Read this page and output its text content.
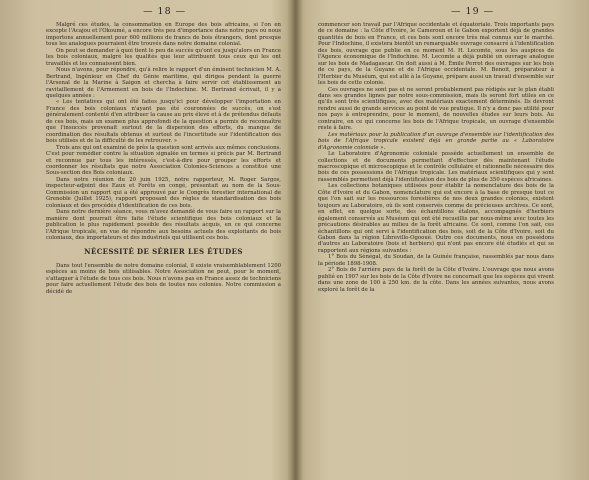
— 18 —

Malgré ces études, la consommation en Europe des bois africains, si l'on en excepte l'Acajou et l'Okoumé, a encore très peu d'importance dans notre pays où nous importons annuellement pour 600 millions de francs de bois étrangers, dont presque tous les analogues pourraient être trouvés dans notre domaine colonial.

On peut se demander à quoi tient le peu de succès qu'ont eu jusqu'alors en France les bois coloniaux, malgré les qualités que leur attribuent tous ceux qui les ont travaillés et les connaissent bien.

Nous n'avons, pour répondre, qu'à relire le rapport d'un éminent technicien M. A. Bertrand, Ingénieur en Chef du Génie maritime, qui dirigea pendant la guerre l'Arsenal de la Marine à Saigon et chercha à faire servir cet établissement au ravitaillement de l'Armement en bois de l'Indochine. M. Bertrand écrivait, il y a quelques années :

« Les tentatives qui ont été faites jusqu'ici pour développer l'importation en France des bois coloniaux n'ayant pas été couronnées de succès, on s'est généralement contenté d'en attribuer la cause au prix élevé et à de prétendus défauts de ces bois, mais un examen plus approfondi de la question a permis de reconnaître que l'insuccès provenait surtout de la dispersion des efforts, du manque de coordination des résultats obtenus et surtout de l'incertitude sur l'identification des bois utilisés et de la difficulté de les retrouver. »

Trois ans qui ont examiné de près la question sont arrivés aux mêmes conclusions. C'est pour remédier contre la situation signalée en termes si précis par M. Bertrand et reconnue par tous les intéressés, c'est-à-dire pour grouper les efforts et coordonner les résultats que notre Association Colonies-Sciences a constitué une Sous-section des Bois coloniaux.

Dans notre réunion du 20 juin 1925, notre rapporteur, M. Roger Sargos, inspecteur-adjoint des Eaux et Forêts en congé, présentait au nom de la Sous-Commission un rapport qui a été approuvé par le Congrès forestier international de Grenoble (Juillet 1925), rapport proposant des règles de standardisation des bois coloniaux et des procédés d'identification de ces bois.

Dans notre dernière séance, vous m'avez demandé de vous faire un rapport sur la manière dont pourrait être faite l'étude scientifique des bois coloniaux et la publication le plus rapidement possible des résultats acquis, en ce qui concerne l'Afrique tropicale, en vue de répondre aux besoins actuels des exploitants de bois coloniaux, des importateurs et des industriels qui utilisent ces bois.

NÉCESSITÉ DE SÉRIER LES ÉTUDES

Dans tout l'ensemble de notre domaine colonial, il existe vraisemblablement 1200 espèces au moins de bois utilisables. Notre Association ne peut, pour le moment, s'attaquer à l'étude de tous ces bois. Nous n'avons pas en France assez de techniciens pour faire actuellement l'étude des bois de toutes nos colonies. Notre commission a décidé de

— 19 —

commencer son travail par l'Afrique occidentale et équatoriale. Trois importants pays de ce domaine : la Côte d'Ivoire, le Cameroun et le Gabon exportent déjà de grandes quantités de bois en France, et ces bois sont encore très mal connus sur le marché. Pour l'Indochine, il existera bientôt un remarquable ouvrage consacré à l'identification des bois, ouvrage que publie en ce moment M. H. Lecomte, sous les auspices de l'Agence économique de l'Indochine. M. Lecomte a déjà publié un ouvrage analogue sur les bois de Madagascar. On doit aussi à M. Émile Perrot des ouvrages sur les bois de ce pays, de la Guyane et de l'Afrique occidentale. M. Benoit, préparateur à l'Herbier du Muséum, qui est allé à la Guyane, prépare aussi un travail d'ensemble sur les bois de cette colonie.

Ces ouvrages ne sont pas et ne seront probablement pas rédigés sur le plan établi dans ses grandes lignes par notre sous-commission, mais ils seront fort utiles en ce qu'ils sont très scientifiques, avec des matériaux exactement déterminés. Ils devront rendre aussi de grands services au point de vue pratique. Il n'y a donc pas utilité pour nos pays à entreprendre, pour le moment, de nouvelles études sur leurs bois. Au contraire, en ce qui concerne les bois de l'Afrique tropicale, un ouvrage d'ensemble reste à faire.

Les matériaux pour la publication d'un ouvrage d'ensemble sur l'identification des bois de l'Afrique tropicale existent déjà en grande partie au « Laboratoire d'Agronomie coloniale ».

Le Laboratoire d'Agronomie coloniale possède actuellement un ensemble de collections et de documents permettant d'effectuer dès maintenant l'étude macroscopique et microscopique et le contrôle cellulaire et rationnelle nécessaire des bois de ces possessions de l'Afrique tropicale. Les matériaux scientifiques qui y sont rassemblés permettent déjà l'identification des bois de plus de 350 espèces africaines.

Les collections botaniques utilisées pour établir la nomenclature des bois de la Côte d'Ivoire et du Gabon, nomenclature qui est encore à la base de presque tout ce que l'on sait sur les ressources forestières de nos deux grandes colonies, existent toujours au Laboratoire, où ils sont conservés comme de précieuses archives. Ce sont, en effet, en quelque sorte, des échantillons étalons, accompagnés d'herbiers également conservés au Muséum qui ont été recueillis par nous-même avec toutes les précautions désirables au milieu de la forêt africaine. Ce sont, comme l'on sait, ces échantillons qui ont servi à l'identification des bois, soit de la Côte d'Ivoire, soit du Gabon dans la région Libreville-Ogooué. Outre ces documents, nous en possédons d'autres au Laboratoire (bois et herbiers) qui n'ont pas encore été étudiés et qui se rapportent aux régions suivantes :

1° Bois du Sénégal, du Soudan, de la Guinée française, rassemblés par nous dans la période 1898-1908.

2° Bois de l'arrière pays de la forêt de la Côte d'Ivoire. L'ouvrage que nous avons publié en 1907 sur les bois de la Côte d'Ivoire ne concernait que les espèces qui vivent dans une zone de 100 à 250 km. de la côte. Dans les années suivantes, nous avons exploré la forêt de la
